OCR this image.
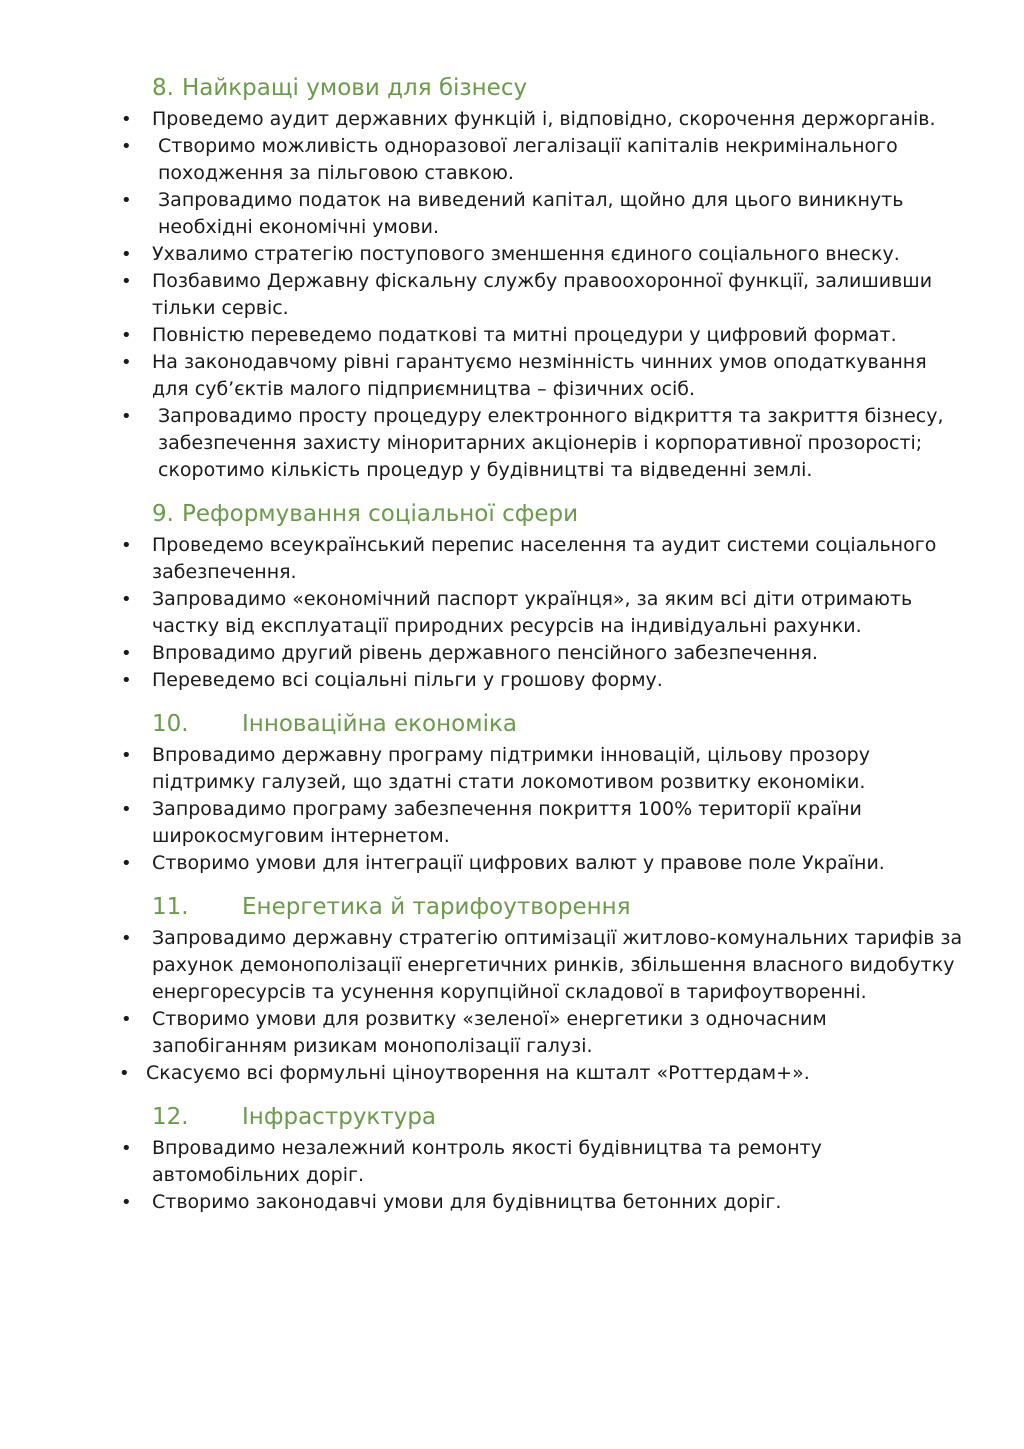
8. Найкращі умови для бізнесу
• Проведемо аудит державних функцій і, відповідно, скорочення держорганів.
• Створимо можливість одноразової легалізації капіталів некримінального походження за пільговою ставкою.
• Запровадимо податок на виведений капітал, щойно для цього виникнуть необхідні економічні умови.
• Ухвалимо стратегію поступового зменшення єдиного соціального внеску.
• Позбавимо Державну фіскальну службу правоохоронної функції, залишивши тільки сервіс.
• Повністю переведемо податкові та митні процедури у цифровий формат.
• На законодавчому рівні гарантуємо незмінність чинних умов оподаткування для суб’єктів малого підприємництва – фізичних осіб.
• Запровадимо просту процедуру електронного відкриття та закриття бізнесу, забезпечення захисту міноритарних акціонерів і корпоративної прозорості; скоротимо кількість процедур у будівництві та відведенні землі.
9. Реформування соціальної сфери
• Проведемо всеукраїнський перепис населення та аудит системи соціального забезпечення.
• Запровадимо «економічний паспорт українця», за яким всі діти отримають частку від експлуатації природних ресурсів на індивідуальні рахунки.
• Впровадимо другий рівень державного пенсійного забезпечення.
• Переведемо всі соціальні пільги у грошову форму.
10. Інноваційна економіка
• Впровадимо державну програму підтримки інновацій, цільову прозору підтримку галузей, що здатні стати локомотивом розвитку економіки.
• Запровадимо програму забезпечення покриття 100% території країни широкосмуговим інтернетом.
• Створимо умови для інтеграції цифрових валют у правове поле України.
11. Енергетика й тарифоутворення
• Запровадимо державну стратегію оптимізації житлово-комунальних тарифів за рахунок демонополізації енергетичних ринків, збільшення власного видобутку енергоресурсів та усунення корупційної складової в тарифоутворенні.
• Створимо умови для розвитку «зеленої» енергетики з одночасним запобіганням ризикам монополізації галузі.
• Скасуємо всі формульні ціноутворення на кшталт «Роттердам+».
12. Інфраструктура
• Впровадимо незалежний контроль якості будівництва та ремонту автомобільних доріг.
• Створимо законодавчі умови для будівництва бетонних доріг.
